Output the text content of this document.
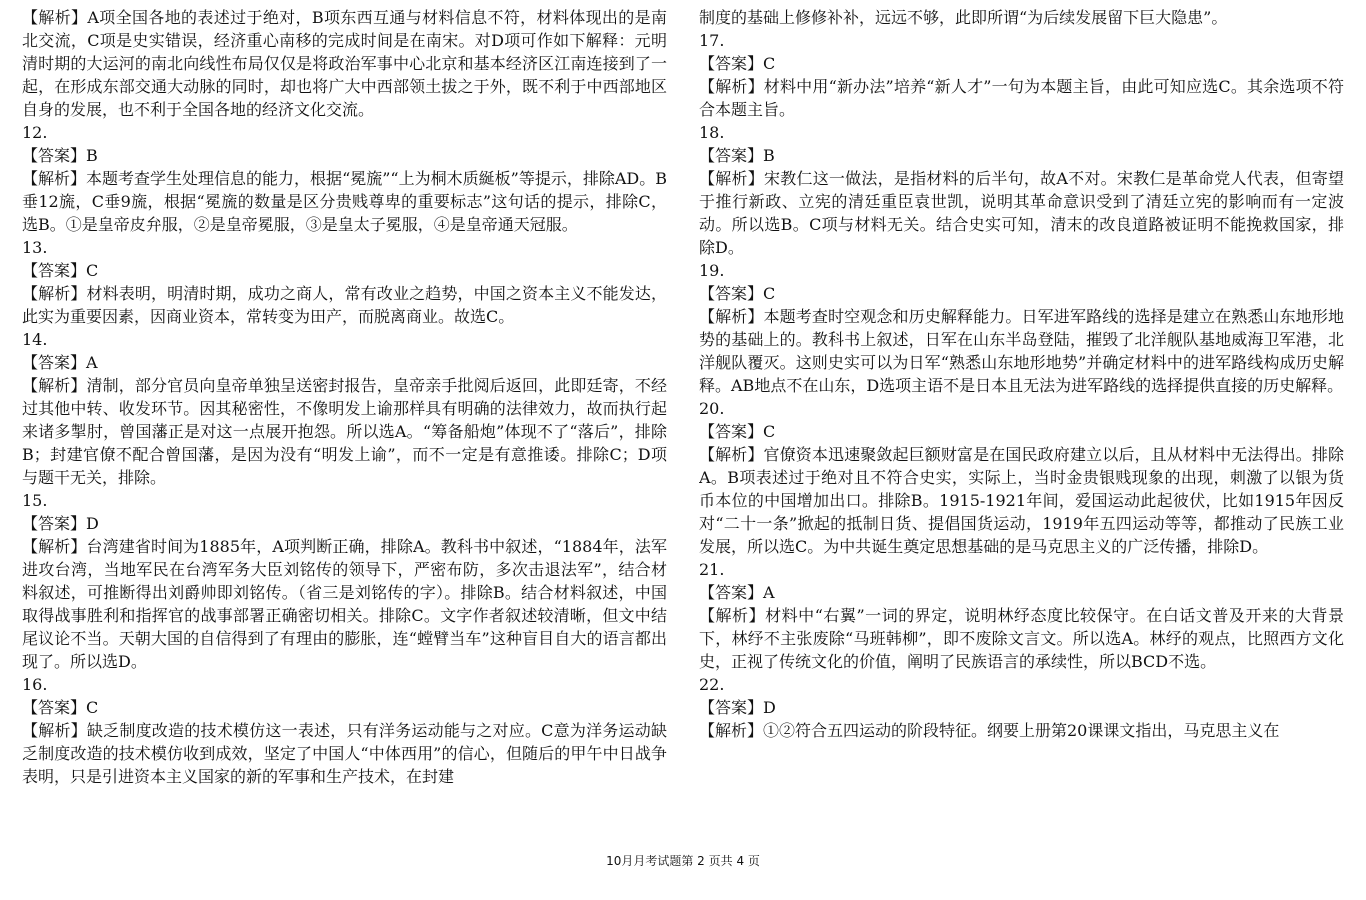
【解析】A项全国各地的表述过于绝对，B项东西互通与材料信息不符，材料体现出的是南北交流，C项是史实错误，经济重心南移的完成时间是在南宋。对D项可作如下解释：元明清时期的大运河的南北向线性布局仅仅是将政治军事中心北京和基本经济区江南连接到了一起，在形成东部交通大动脉的同时，却也将广大中西部领土拔之于外，既不利于中西部地区自身的发展，也不利于全国各地的经济文化交流。

12.

【答案】B

【解析】本题考查学生处理信息的能力，根据“冕旒”“上为桐木质綖板”等提示，排除AD。B垂12旒，C垂9旒，根据“冕旒的数量是区分贵贱尊卑的重要标志”这句话的提示，排除C，选B。①是皇帝皮弁服，②是皇帝冕服，③是皇太子冕服，④是皇帝通天冠服。

13.

【答案】C

【解析】材料表明，明清时期，成功之商人，常有改业之趋势，中国之资本主义不能发达，此实为重要因素，因商业资本，常转变为田产，而脱离商业。故选C。

14.

【答案】A

【解析】清制，部分官员向皇帝单独呈送密封报告，皇帝亲手批阅后返回，此即廷寄，不经过其他中转、收发环节。因其秘密性，不像明发上谕那样具有明确的法律效力，故而执行起来诸多掣肘，曾国藩正是对这一点展开抱怨。所以选A。“筹备船炮”体现不了“落后”，排除B；封建官僚不配合曾国藩，是因为没有“明发上谕”，而不一定是有意推诿。排除C；D项与题干无关，排除。

15.

【答案】D

【解析】台湾建省时间为1885年，A项判断正确，排除A。教科书中叙述，“1884年，法军进攻台湾，当地军民在台湾军务大臣刘铭传的领导下，严密布防，多次击退法军”，结合材料叙述，可推断得出刘爵帅即刘铭传。（省三是刘铭传的字）。排除B。结合材料叙述，中国取得战事胜利和指挥官的战事部署正确密切相关。排除C。文字作者叙述较清晰，但文中结尾议论不当。天朝大国的自信得到了有理由的膨胀，连“螳臂当车”这种盲目自大的语言都出现了。所以选D。

16.

【答案】C

【解析】缺乏制度改造的技术模仿这一表述，只有洋务运动能与之对应。C意为洋务运动缺乏制度改造的技术模仿收到成效，坚定了中国人“中体西用”的信心，但随后的甲午中日战争表明，只是引进资本主义国家的新的军事和生产技术，在封建

制度的基础上修修补补，远远不够，此即所谓“为后续发展留下巨大隐患”。

17.

【答案】C

【解析】材料中用“新办法”培养“新人才”一句为本题主旨，由此可知应选C。其余选项不符合本题主旨。

18.

【答案】B

【解析】宋教仁这一做法，是指材料的后半句，故A不对。宋教仁是革命党人代表，但寄望于推行新政、立宪的清廷重臣袁世凯，说明其革命意识受到了清廷立宪的影响而有一定波动。所以选B。C项与材料无关。结合史实可知，清末的改良道路被证明不能挽救国家，排除D。

19.

【答案】C

【解析】本题考查时空观念和历史解释能力。日军进军路线的选择是建立在熟悉山东地形地势的基础上的。教科书上叙述，日军在山东半岛登陆，摧毁了北洋舰队基地威海卫军港，北洋舰队覆灭。这则史实可以为日军“熟悉山东地形地势”并确定材料中的进军路线构成历史解释。AB地点不在山东，D选项主语不是日本且无法为进军路线的选择提供直接的历史解释。

20.

【答案】C

【解析】官僚资本迅速聚敛起巨额财富是在国民政府建立以后，且从材料中无法得出。排除A。B项表述过于绝对且不符合史实，实际上，当时金贵银贱现象的出现，刺激了以银为货币本位的中国增加出口。排除B。1915-1921年间，爱国运动此起彼伏，比如1915年因反对“二十一条”掀起的抵制日货、提倡国货运动，1919年五四运动等等，都推动了民族工业发展，所以选C。为中共诞生奠定思想基础的是马克思主义的广泛传播，排除D。

21.

【答案】A

【解析】材料中“右翼”一词的界定，说明林纾态度比较保守。在白话文普及开来的大背景下，林纾不主张废除“马班韩柳”，即不废除文言文。所以选A。林纾的观点，比照西方文化史，正视了传统文化的价值，阐明了民族语言的承续性，所以BCD不选。

22.

【答案】D

【解析】①②符合五四运动的阶段特征。纲要上册第20课课文指出，马克思主义在

10月月考试题第 2 页共 4 页
